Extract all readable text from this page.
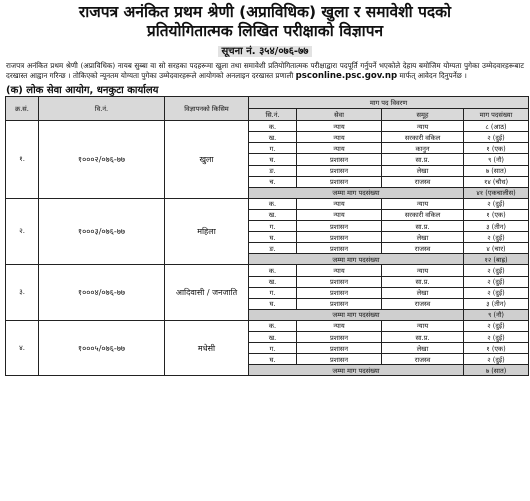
राजपत्र अनंकित प्रथम श्रेणी (अप्राविधिक) खुला र समावेशी पदको
प्रतियोगितात्मक लिखित परीक्षाको विज्ञापन
सूचना नं. ३५४/०७६-७७
राजपत्र अनंकित प्रथम श्रेणी (अप्राविधिक) नायब सुब्बा वा सो सरहका पदहरूमा खुला तथा समावेशी प्रतियोगितात्मक परीक्षाद्वारा पदपूर्ति गर्नुपर्ने भएकोले देहाय बमोजिम योग्यता पुगेका उम्मेदवारहरूबाट दरखास्त आह्वान गरिन्छ । तोकिएको न्यूनतम योग्यता पुगेका उम्मेदवारहरूले आयोगको अनलाइन दरखास्त प्रणाली psconline.psc.gov.np मार्फत् आवेदन दिनुपर्नेछ ।
(क) लोक सेवा आयोग, धनकुटा कार्यालय
क्र.सं.	वि.नं.	विज्ञापनको किसिम	माग पद विवरण			
			सि.नं.	सेवा	समूह	माग पदसंख्या
१.	१०००२/०७६-७७	खुला	क.	न्याय	न्याय	८ (आठ)
			ख.	न्याय	सरकारी वकिल	२ (दुई)
			ग.	न्याय	कानुन	१ (एक)
			घ.	प्रशासन	सा.प्र.	९ (नौ)
			ङ.	प्रशासन	लेखा	७ (सात)
			च.	प्रशासन	राजस्व	१४ (चौध)
			जम्मा माग पदसंख्या			४१ (एकचालीस)
२.	१०००३/०७६-७७	महिला	क.	न्याय	न्याय	२ (दुई)
			ख.	न्याय	सरकारी वकिल	१ (एक)
			ग.	प्रशासन	सा.प्र.	३ (तीन)
			घ.	प्रशासन	लेखा	२ (दुई)
			ङ.	प्रशासन	राजस्व	४ (चार)
			जम्मा माग पदसंख्या			१२ (बाह्र)
३.	१०००४/०७६-७७	आदिवासी / जनजाति	क.	न्याय	न्याय	२ (दुई)
			ख.	प्रशासन	सा.प्र.	२ (दुई)
			ग.	प्रशासन	लेखा	२ (दुई)
			घ.	प्रशासन	राजस्व	३ (तीन)
			जम्मा माग पदसंख्या			९ (नौ)
४.	१०००५/०७६-७७	मधेसी	क.	न्याय	न्याय	२ (दुई)
			ख.	प्रशासन	सा.प्र.	२ (दुई)
			ग.	प्रशासन	लेखा	१ (एक)
			घ.	प्रशासन	राजस्व	२ (दुई)
			जम्मा माग पदसंख्या			७ (सात)
